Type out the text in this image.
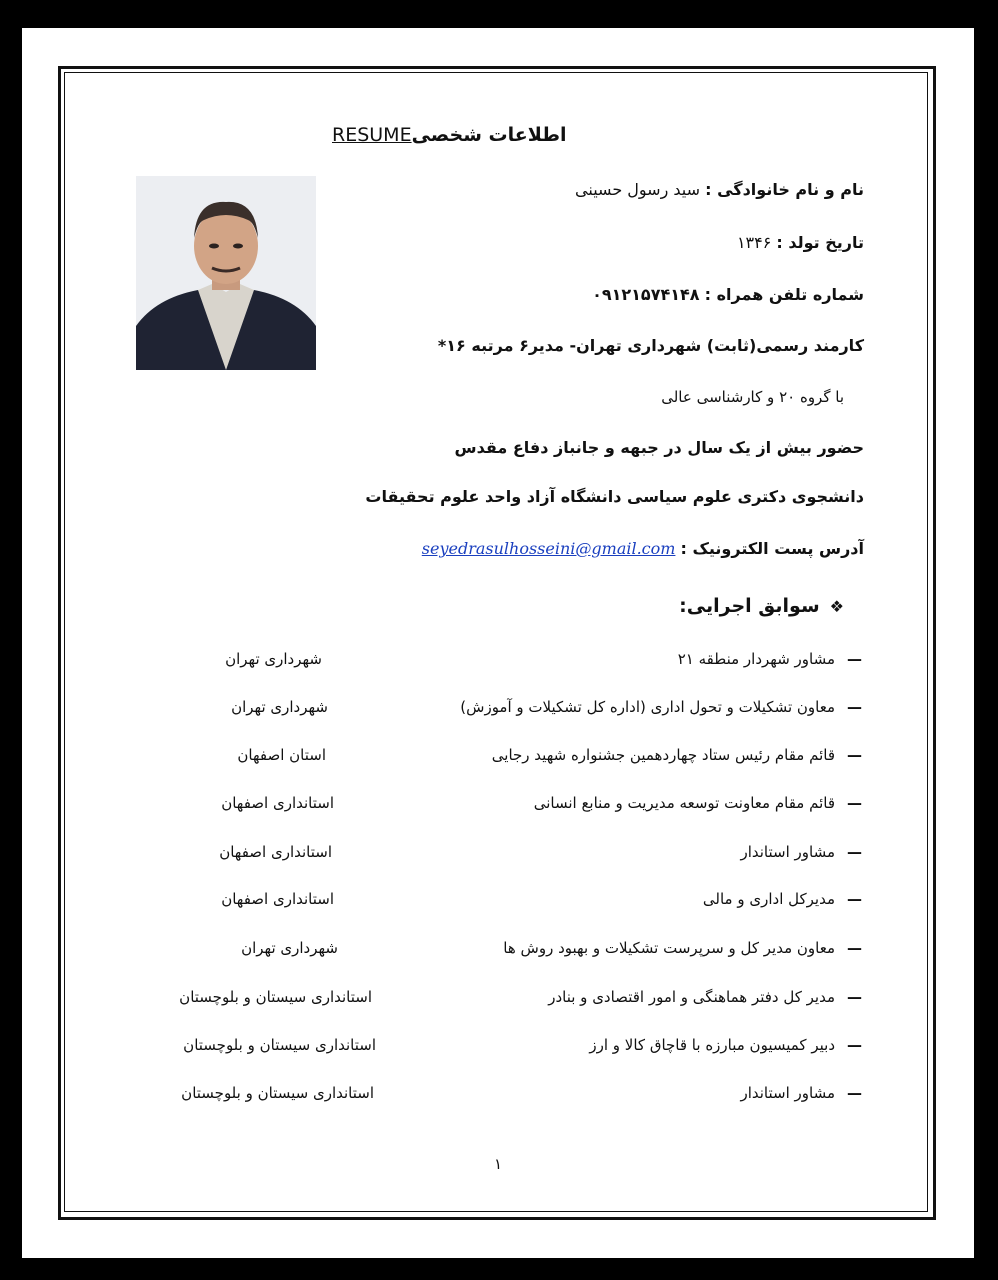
اطلاعات شخصیRESUME
نام و نام خانوادگی : سید رسول حسینی
تاریخ تولد : ۱۳۴۶
شماره تلفن همراه : ۰۹۱۲۱۵۷۴۱۴۸
کارمند رسمی(ثابت) شهرداری تهران- مدیر۶ مرتبه ۱۶*
با گروه ۲۰ و کارشناسی عالی
حضور بیش از یک سال در جبهه و جانباز دفاع مقدس
دانشجوی دکتری علوم سیاسی دانشگاه آزاد واحد علوم تحقیقات
آدرس پست الکترونیک : seyedrasulhosseini@gmail.com
❖سوابق اجرایی:
—مشاور شهردار منطقه ۲۱
شهرداری تهران
—معاون تشکیلات و تحول اداری (اداره کل تشکیلات و آموزش)
شهرداری تهران
—قائم مقام رئیس ستاد چهاردهمین جشنواره شهید رجایی
استان اصفهان
—قائم مقام معاونت توسعه مدیریت و منابع انسانی
استانداری اصفهان
—مشاور استاندار
استانداری اصفهان
—مدیرکل اداری و مالی
استانداری اصفهان
—معاون مدیر کل و سرپرست تشکیلات و بهبود روش ها
شهرداری تهران
—مدیر کل دفتر هماهنگی و امور اقتصادی و بنادر
استانداری سیستان و بلوچستان
—دبیر کمیسیون مبارزه با قاچاق کالا و ارز
استانداری سیستان و بلوچستان
—مشاور استاندار
استانداری سیستان و بلوچستان
۱
